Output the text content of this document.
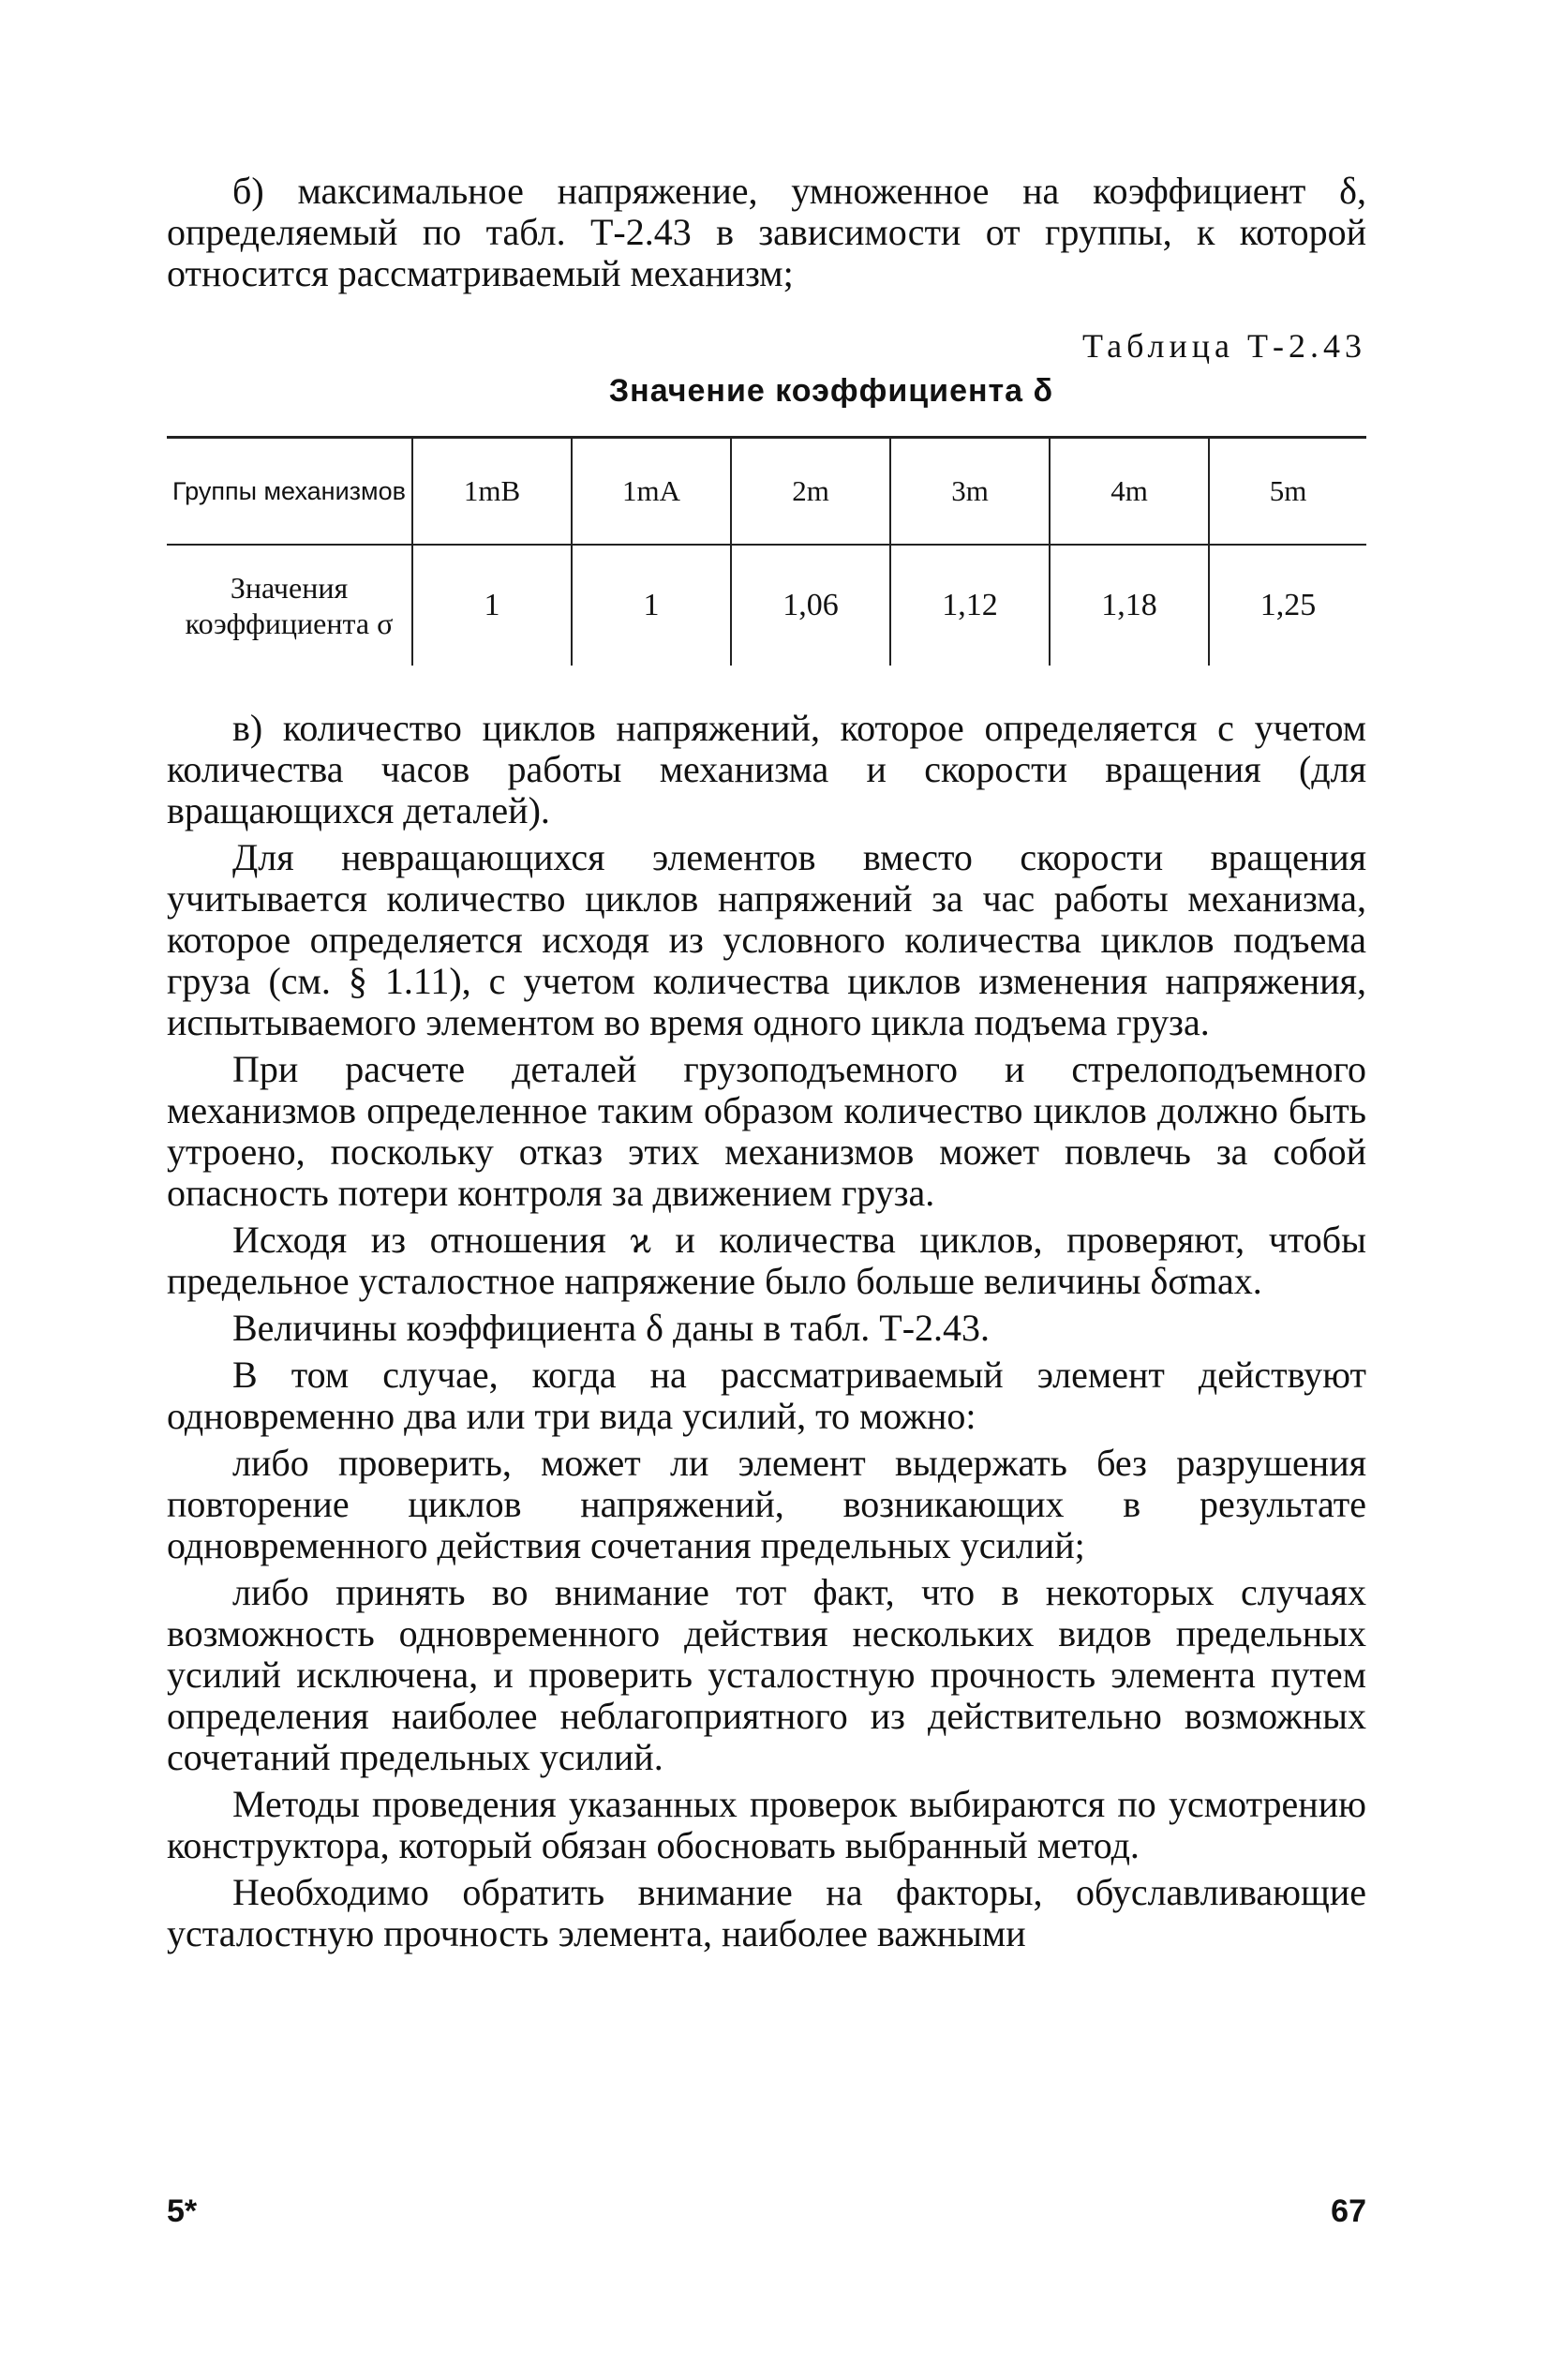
б) максимальное напряжение, умноженное на коэффициент δ, определяемый по табл. Т-2.43 в зависимости от группы, к которой относится рассматриваемый механизм;

Таблица Т-2.43
Значение коэффициента δ
Группы механизмов	1mB	1mA	2m	3m	4m	5m
Значения коэффициента σ	1	1	1,06	1,12	1,18	1,25

в) количество циклов напряжений, которое определяется с учетом количества часов работы механизма и скорости вращения (для вращающихся деталей).

Для невращающихся элементов вместо скорости вращения учитывается количество циклов напряжений за час работы механизма, которое определяется исходя из условного количества циклов подъема груза (см. § 1.11), с учетом количества циклов изменения напряжения, испытываемого элементом во время одного цикла подъема груза.

При расчете деталей грузоподъемного и стрелоподъемного механизмов определенное таким образом количество циклов должно быть утроено, поскольку отказ этих механизмов может повлечь за собой опасность потери контроля за движением груза.

Исходя из отношения ϰ и количества циклов, проверяют, чтобы предельное усталостное напряжение было больше величины δσmax.

Величины коэффициента δ даны в табл. Т-2.43.

В том случае, когда на рассматриваемый элемент действуют одновременно два или три вида усилий, то можно:

либо проверить, может ли элемент выдержать без разрушения повторение циклов напряжений, возникающих в результате одновременного действия сочетания предельных усилий;

либо принять во внимание тот факт, что в некоторых случаях возможность одновременного действия нескольких видов предельных усилий исключена, и проверить усталостную прочность элемента путем определения наиболее неблагоприятного из действительно возможных сочетаний предельных усилий.

Методы проведения указанных проверок выбираются по усмотрению конструктора, который обязан обосновать выбранный метод.

Необходимо обратить внимание на факторы, обуславливающие усталостную прочность элемента, наиболее важными

5*	67
